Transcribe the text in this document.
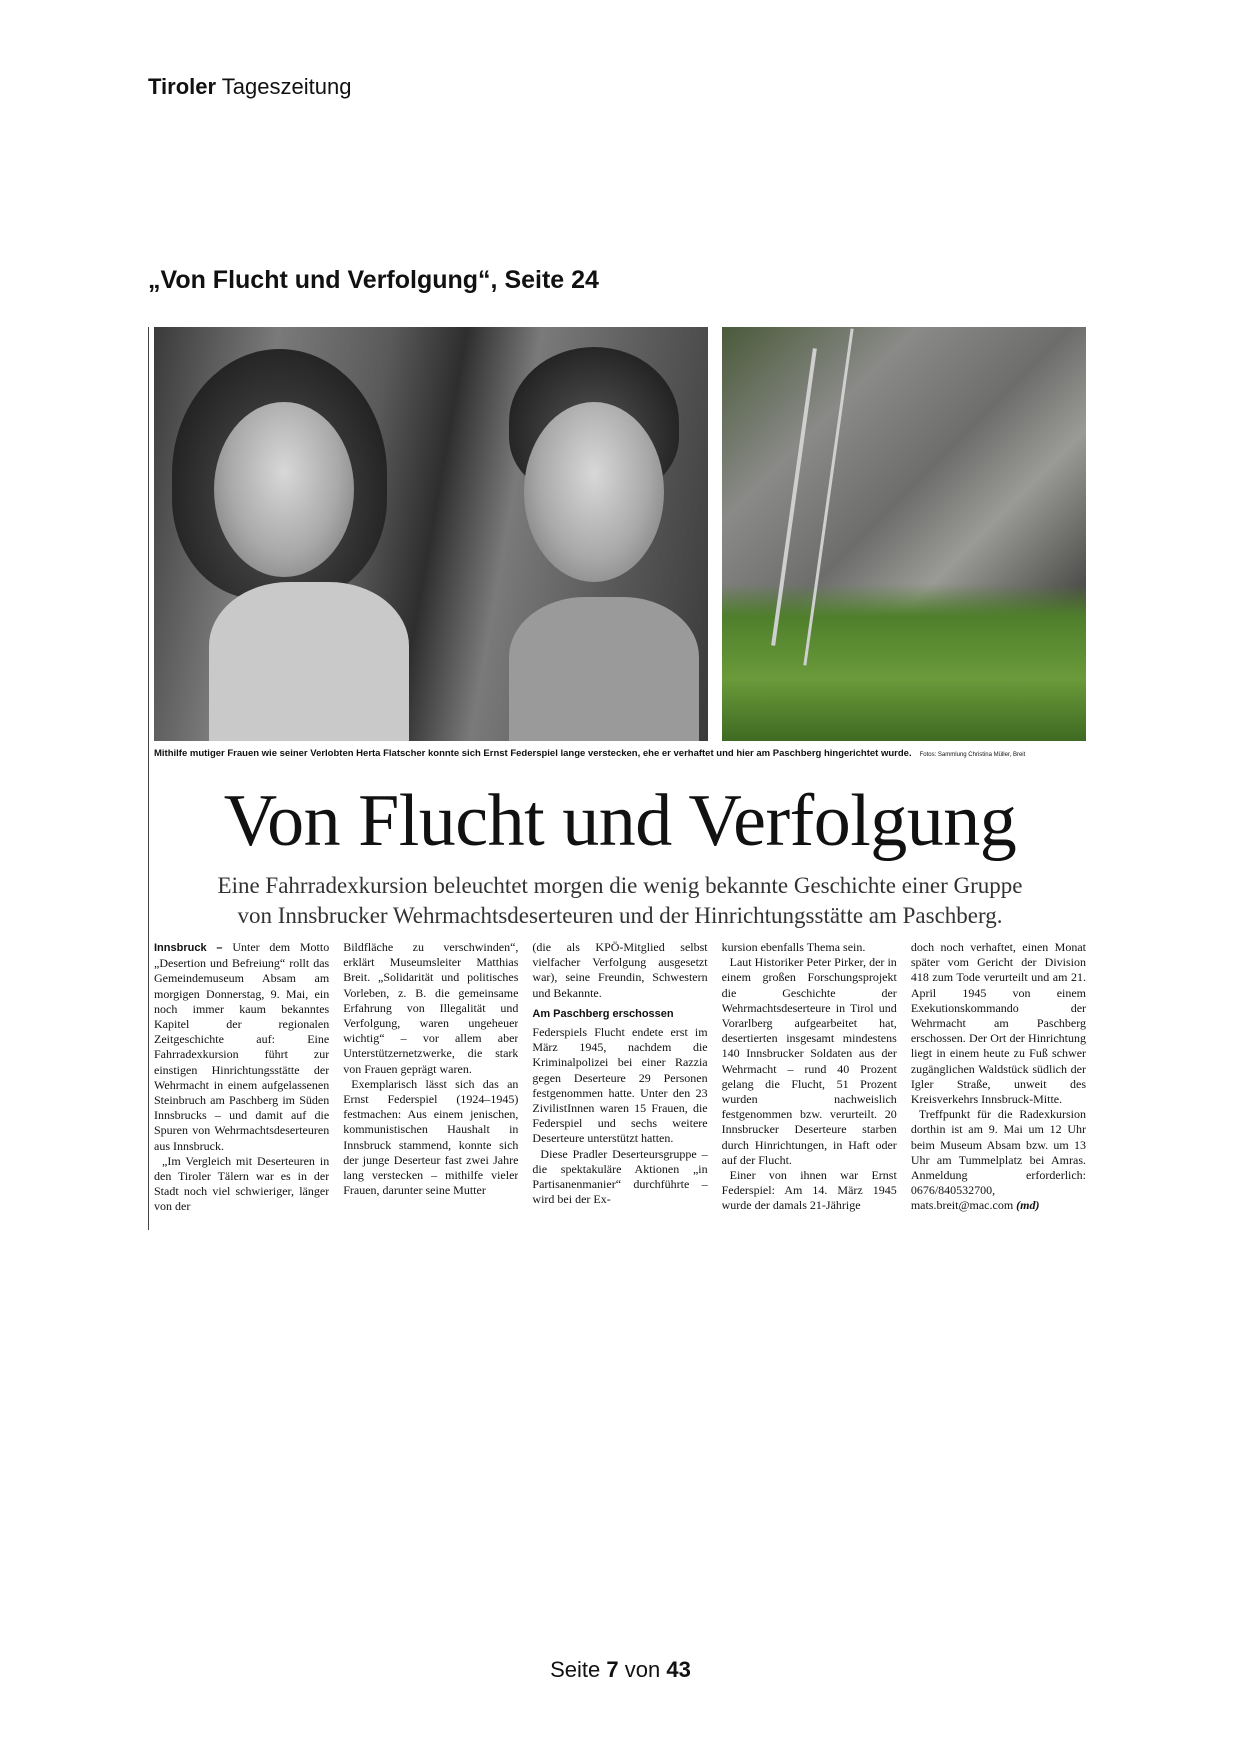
Tiroler Tageszeitung
„Von Flucht und Verfolgung“, Seite 24
Mithilfe mutiger Frauen wie seiner Verlobten Herta Flatscher konnte sich Ernst Federspiel lange verstecken, ehe er verhaftet und hier am Paschberg hingerichtet wurde. Fotos: Sammlung Christina Müller, Breit
Von Flucht und Verfolgung
Eine Fahrradexkursion beleuchtet morgen die wenig bekannte Geschichte einer Gruppe
von Innsbrucker Wehrmachtsdeserteuren und der Hinrichtungsstätte am Paschberg.

Innsbruck – Unter dem Motto „Desertion und Befreiung“ rollt das Gemeindemuseum Absam am morgigen Donnerstag, 9. Mai, ein noch immer kaum bekanntes Kapitel der regionalen Zeitgeschichte auf: Eine Fahrradexkursion führt zur einstigen Hinrichtungsstätte der Wehrmacht in einem aufgelassenen Steinbruch am Paschberg im Süden Innsbrucks – und damit auf die Spuren von Wehrmachtsdeserteuren aus Innsbruck.

„Im Vergleich mit Deserteuren in den Tiroler Tälern war es in der Stadt noch viel schwieriger, länger von der

Bildfläche zu verschwinden“, erklärt Museumsleiter Matthias Breit. „Solidarität und politisches Vorleben, z. B. die gemeinsame Erfahrung von Illegalität und Verfolgung, waren ungeheuer wichtig“ – vor allem aber Unterstützernetzwerke, die stark von Frauen geprägt waren.

Exemplarisch lässt sich das an Ernst Federspiel (1924–1945) festmachen: Aus einem jenischen, kommunistischen Haushalt in Innsbruck stammend, konnte sich der junge Deserteur fast zwei Jahre lang verstecken – mithilfe vieler Frauen, darunter seine Mutter

(die als KPÖ-Mitglied selbst vielfacher Verfolgung ausgesetzt war), seine Freundin, Schwestern und Bekannte.

Am Paschberg erschossen

Federspiels Flucht endete erst im März 1945, nachdem die Kriminalpolizei bei einer Razzia gegen Deserteure 29 Personen festgenommen hatte. Unter den 23 ZivilistInnen waren 15 Frauen, die Federspiel und sechs weitere Deserteure unterstützt hatten.

Diese Pradler Deserteursgruppe – die spektakuläre Aktionen „in Partisanenmanier“ durchführte – wird bei der Ex-

kursion ebenfalls Thema sein.

Laut Historiker Peter Pirker, der in einem großen Forschungsprojekt die Geschichte der Wehrmachtsdeserteure in Tirol und Vorarlberg aufgearbeitet hat, desertierten insgesamt mindestens 140 Innsbrucker Soldaten aus der Wehrmacht – rund 40 Prozent gelang die Flucht, 51 Prozent wurden nachweislich festgenommen bzw. verurteilt. 20 Innsbrucker Deserteure starben durch Hinrichtungen, in Haft oder auf der Flucht.

Einer von ihnen war Ernst Federspiel: Am 14. März 1945 wurde der damals 21-Jährige

doch noch verhaftet, einen Monat später vom Gericht der Division 418 zum Tode verurteilt und am 21. April 1945 von einem Exekutionskommando der Wehrmacht am Paschberg erschossen. Der Ort der Hinrichtung liegt in einem heute zu Fuß schwer zugänglichen Waldstück südlich der Igler Straße, unweit des Kreisverkehrs Innsbruck-Mitte.

Treffpunkt für die Radexkursion dorthin ist am 9. Mai um 12 Uhr beim Museum Absam bzw. um 13 Uhr am Tummelplatz bei Amras. Anmeldung erforderlich: 0676/840532700, mats.breit@mac.com (md)

Seite 7 von 43
